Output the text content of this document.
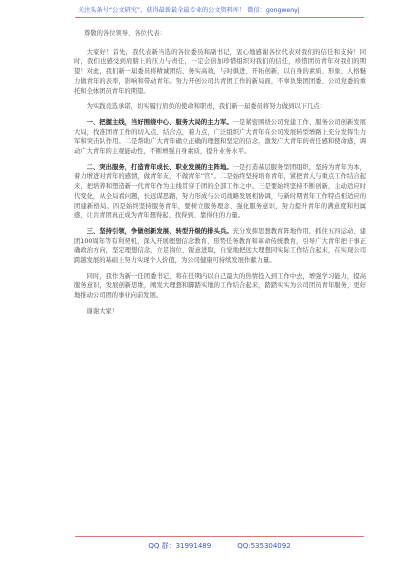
关注头条号“公文研究”，获得最新最全最专业的公文资料库！ 微信：gongwenyj

尊敬的各位领导、各位代表：

大家好！首先，我代表新当选的各位委员和副书记，衷心地感谢各位代表对我们的信任和支持！同时，我们也感受到肩膀上的压力与责任，一定会倍加珍惜组织对我们的信任，珍惜团员青年对我们的期望！对此，我们新一届委员将精诚团结、务实高效，与时俱进、开拓创新，以自身的素质、形象、人格魅力做青年的表率，影响和带动青年。努力开创公司共青团工作的新局面，不辜负集团团委、公司党委的重托和全体团员青年的期望。

为实践竞选承诺，切实履行肩负的使命和职责，我们新一届委员将努力做到以下几点：

一、把握主线，当好围绕中心、服务大局的主力军。一是紧密围绕公司党建工作、服务公司创新发展大局，找准团青工作的切入点、结合点，着力点，广泛组织广大青年在公司发展转型增路上充分发挥生力军和突击队作用。二是帮助广大青年确立正确的理想和坚定的信念，激发广大青年的责任感和使命感，调动广大青年的主观能动性，不断增强自身素质，提升业务水平。

二、突出服务，打造青年成长、职业发展的主阵地。一是打造基层服务型团组织，坚持为青年为本，着力增进对青年的感情，做青年友，不做青年“官”。二是始终坚持培育青年，紧把青人与重点工作结合起来，把培养和塑造新一代青年作为主线贯穿于团的全部工作之中。三是要始终坚持不断创新，主动适应时代变化，从全局看问题，长远谋思路，努力形成与公司战略发展相协调，与新时期青年工作特点相适应的团建新格局。四是始终坚持服务青年，要树立服务理念、强化服务意识，努力提升青年的满意度和归属感，让共青团真正成为青年想得起、找得到、靠得住的力量。

三、坚持引领，争做创新发展、转型升级的排头兵。充分发挥思想教育阵地作用，抓住五四运动、建团100周年等有利契机，深入开展理想信念教育、形势任务教育和革命传统教育，引导广大青年把干事正确政治方向，坚定理想信念，立足岗位、锐意进取，自觉地把远大理想同实际工作结合起来，在实现公司跨越发展的基础上努力实现个人价值，为公司健康可持续发展作献力量。

同时，我作为新一任团委书记，将在任期内以自己最大的热情投入到工作中去，增强学习能力，提高服务意识，发展创新思维，阐发大理想和脚踏实地的工作结合起来，踏踏实实为公司团员青年服务，更好地推动公司团的事业向前发展。

谢谢大家！

QQ 群：31991489	QQ:535304092
